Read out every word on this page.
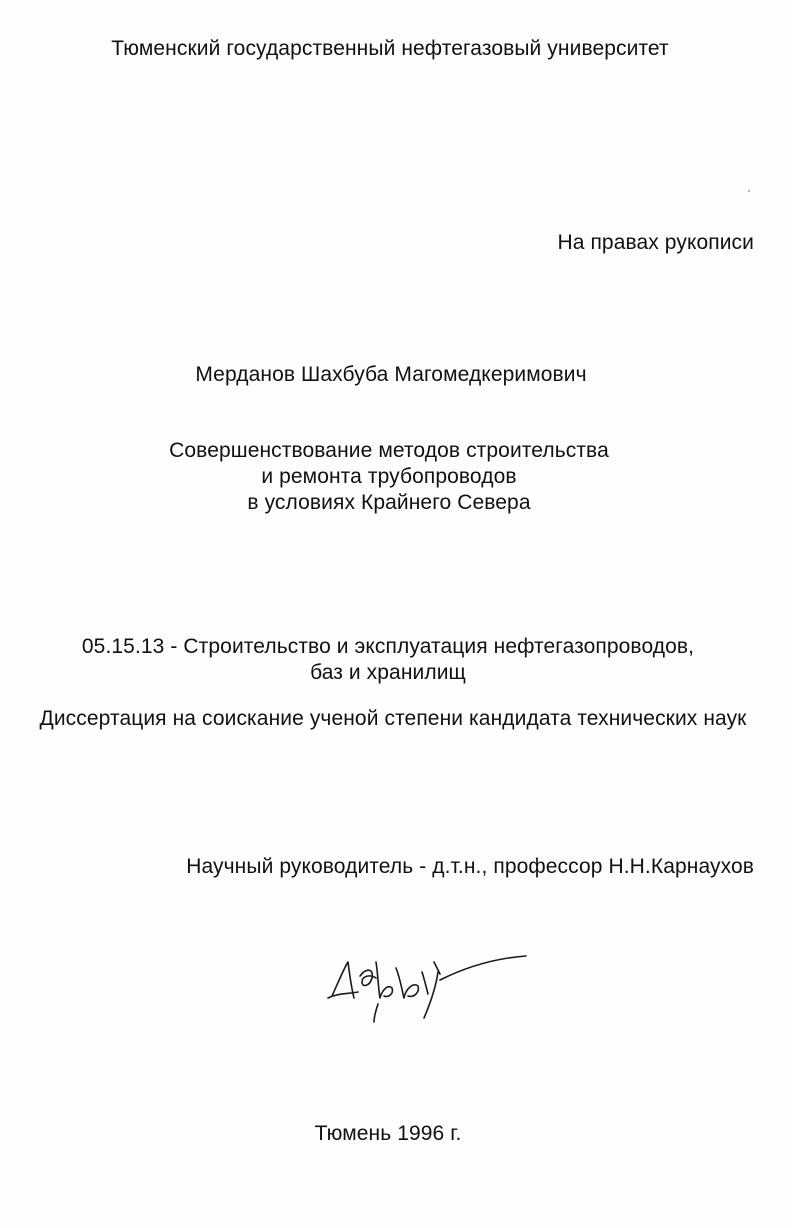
Тюменский государственный нефтегазовый университет
На правах рукописи
Мерданов Шахбуба Магомедкеримович
Совершенствование методов строительства
и ремонта трубопроводов
в условиях Крайнего Севера
05.15.13 - Строительство и эксплуатация нефтегазопроводов,
баз и хранилищ
Диссертация на соискание ученой степени кандидата технических наук
Научный руководитель - д.т.н., профессор Н.Н.Карнаухов
Тюмень 1996 г.
